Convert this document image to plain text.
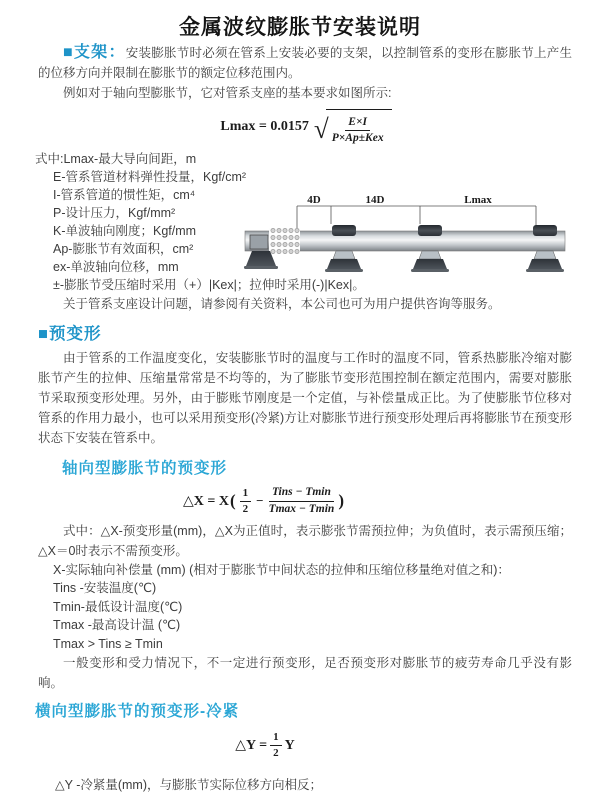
金属波纹膨胀节安装说明

■支架：安装膨胀节时必须在管系上安装必要的支架，以控制管系的变形在膨胀节上产生的位移方向并限制在膨胀节的额定位移范围内。

例如对于轴向型膨胀节，它对管系支座的基本要求如图所示:

Lmax = 0.0157 √ $\frac{E\times I}{\text{P×Ap±Kex}}$
式中:Lmax-最大导向间距，m
E-管系管道材料弹性投量，Kgf/cm²
I-管系管道的惯性矩，cm⁴
P-设计压力，Kgf/mm²
K-单波轴向刚度；Kgf/mm
Ap-膨胀节有效面积，cm²
ex-单波轴向位移，mm
±-膨胀节受压缩时采用（+）|Kex|；拉伸时采用(-)|Kex|。

关于管系支座设计问题，请参阅有关资料，本公司也可为用户提供咨询等服务。

4D	14D	Lmax
■预变形

由于管系的工作温度变化，安装膨胀节时的温度与工作时的温度不同，管系热膨胀冷缩对膨胀节产生的拉伸、压缩量常常是不均等的，为了膨胀节变形范围控制在额定范围内，需要对膨胀节采取预变形处理。另外，由于膨账节刚度是一个定值，与补偿量成正比。为了使膨胀节位移对管系的作用力最小，也可以采用预变形(冷紧)方让对膨胀节进行预变形处理后再将膨胀节在预变形状态下安装在管系中。

轴向型膨胀节的预变形
△X = X ( $\frac{1}{2} - \frac{\text{Tins − Tmin}}{Tmax - Tmin}$ )

式中：△X-预变形量(mm)，△X为正值时，表示膨张节需预拉伸；为负值时，表示需预压缩；△X＝0时表示不需预变形。

X-实际轴向补偿量 (mm) (相对于膨胀节中间状态的拉伸和压缩位移量绝对值之和)：
Tins -安装温度(℃)
Tmin-最低设计温度(℃)
Tmax -最高设计温 (℃)
Tmax > Tins ≥ Tmin

一般变形和受力情况下，不一定进行预变形，足否预变形对膨胀节的疲劳寿命几乎没有影响。

横向型膨胀节的预变形-冷紧
△Y = $\frac{1}{2}$ Y
△Y -冷紧量(mm)，与膨胀节实际位移方向相反；
